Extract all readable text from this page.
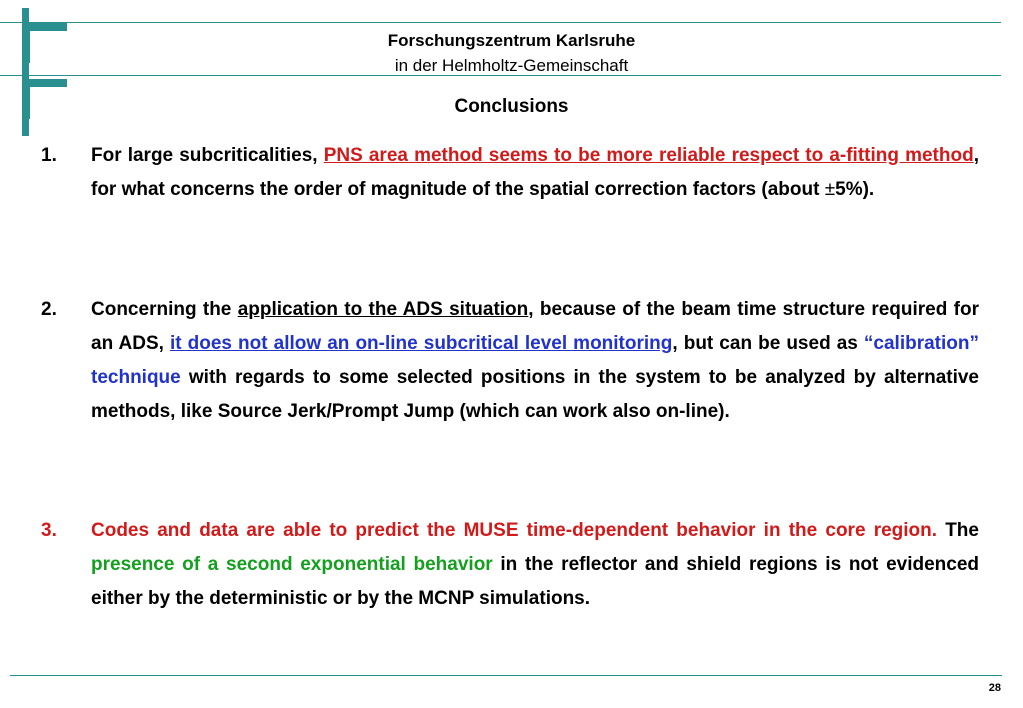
Forschungszentrum Karlsruhe
in der Helmholtz-Gemeinschaft
Conclusions
1.	For large subcriticalities, PNS area method seems to be more reliable respect to a-fitting method, for what concerns the order of magnitude of the spatial correction factors (about ±5%).
2.	Concerning the application to the ADS situation, because of the beam time structure required for an ADS, it does not allow an on-line subcritical level monitoring, but can be used as “calibration” technique with regards to some selected positions in the system to be analyzed by alternative methods, like Source Jerk/Prompt Jump (which can work also on-line).
3.	Codes and data are able to predict the MUSE time-dependent behavior in the core region. The presence of a second exponential behavior in the reflector and shield regions is not evidenced either by the deterministic or by the MCNP simulations.
28
